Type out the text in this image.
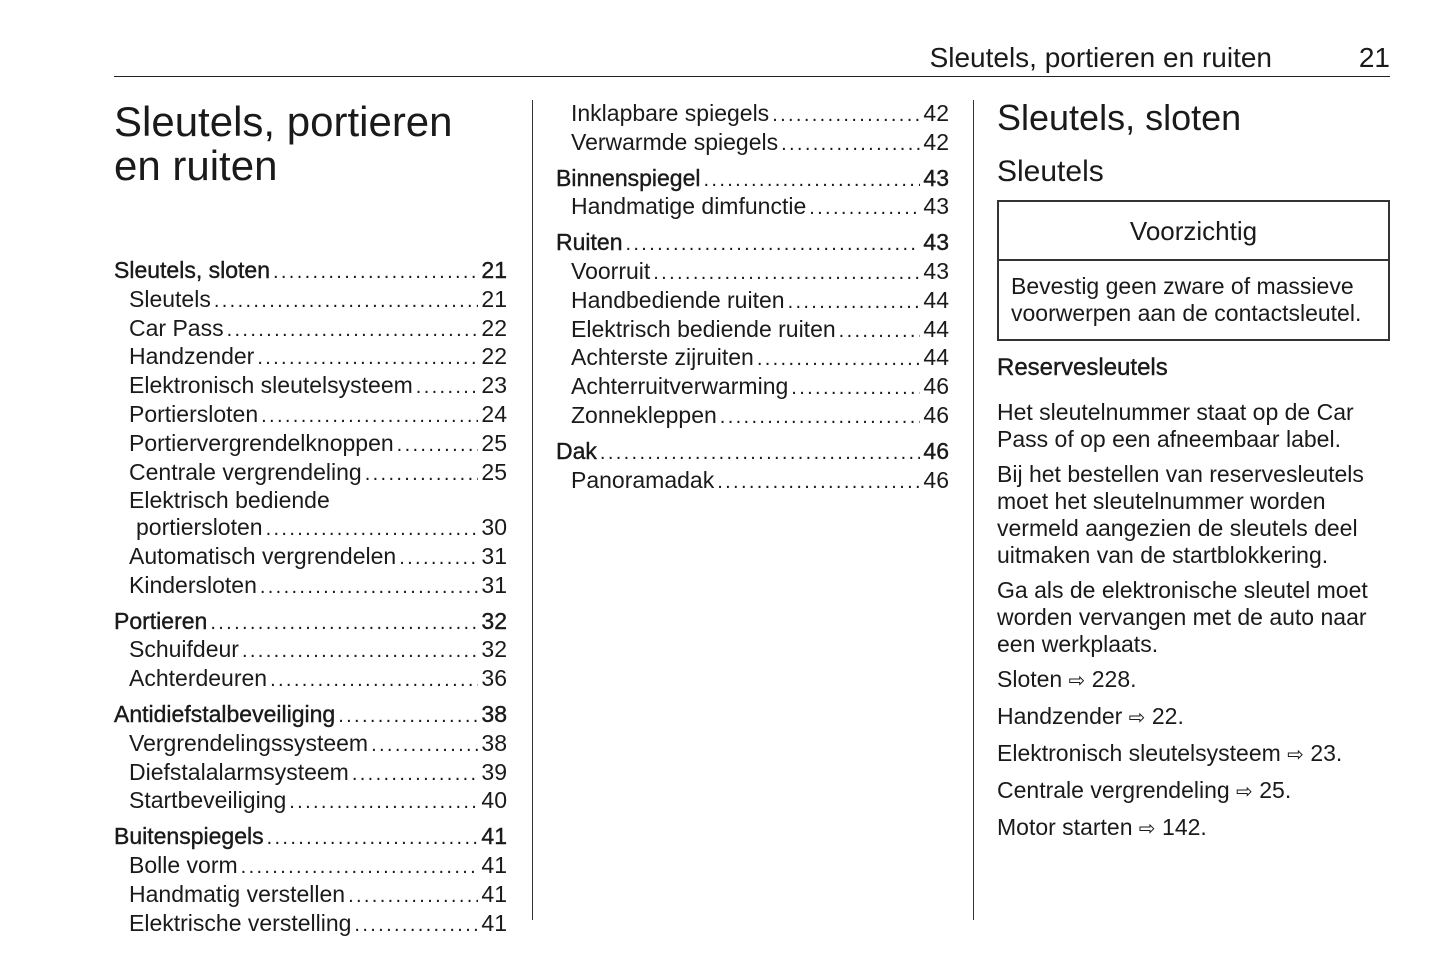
Sleutels, portieren en ruiten	21
Sleutels, portieren
en ruiten
Sleutels, sloten . . .	21
Sleutels . . .	21
Car Pass . . .	22
Handzender . . .	22
Elektronisch sleutelsysteem . . .	23
Portiersloten . . .	24
Portiervergrendelknoppen . . .	25
Centrale vergrendeling . . .	25
Elektrisch bediende
portiersloten . . .	30
Automatisch vergrendelen . . .	31
Kindersloten . . .	31
Portieren . . .	32
Schuifdeur . . .	32
Achterdeuren . . .	36
Antidiefstalbeveiliging . . .	38
Vergrendelingssysteem . . .	38
Diefstalalarmsysteem . . .	39
Startbeveiliging . . .	40
Buitenspiegels . . .	41
Bolle vorm . . .	41
Handmatig verstellen . . .	41
Elektrische verstelling . . .	41
Inklapbare spiegels . . .	42
Verwarmde spiegels . . .	42
Binnenspiegel . . .	43
Handmatige dimfunctie . . .	43
Ruiten . . .	43
Voorruit . . .	43
Handbediende ruiten . . .	44
Elektrisch bediende ruiten . . .	44
Achterste zijruiten . . .	44
Achterruitverwarming . . .	46
Zonnekleppen . . .	46
Dak . . .	46
Panoramadak . . .	46
Sleutels, sloten
Sleutels
Voorzichtig
Bevestig geen zware of massieve voorwerpen aan de contactsleutel.
Reservesleutels

Het sleutelnummer staat op de Car Pass of op een afneembaar label.

Bij het bestellen van reservesleutels moet het sleutelnummer worden vermeld aangezien de sleutels deel uitmaken van de startblokkering.

Ga als de elektronische sleutel moet worden vervangen met de auto naar een werkplaats.

Sloten ⇨ 228.

Handzender ⇨ 22.

Elektronisch sleutelsysteem ⇨ 23.

Centrale vergrendeling ⇨ 25.

Motor starten ⇨ 142.
